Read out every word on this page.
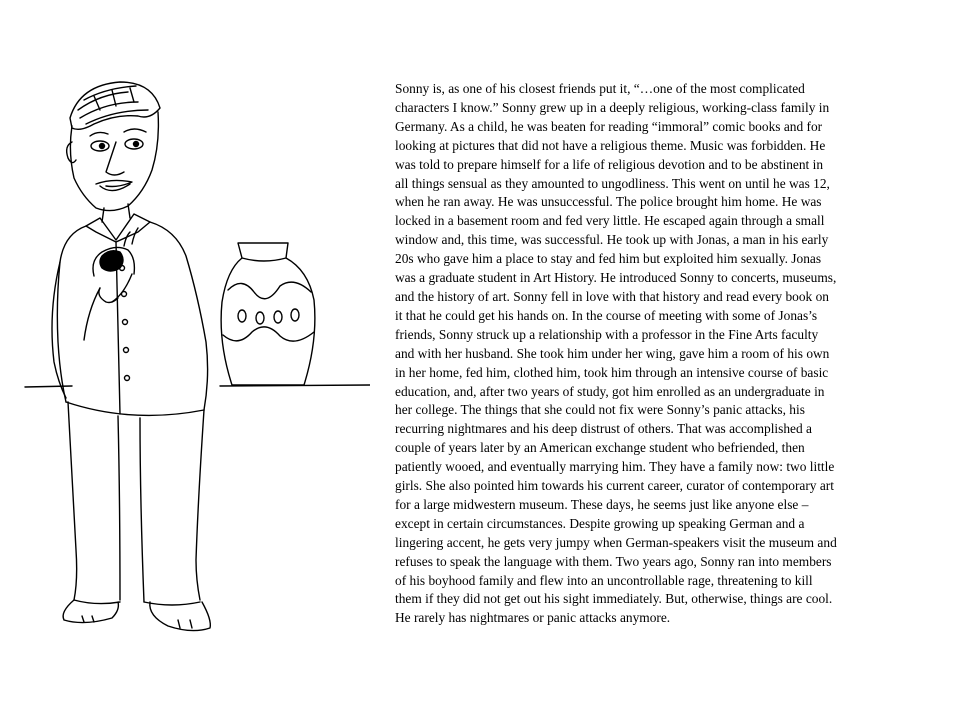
Sonny is, as one of his closest friends put it, “…one of the most complicated
characters I know.” Sonny grew up in a deeply religious, working-class family in
Germany. As a child, he was beaten for reading “immoral” comic books and for
looking at pictures that did not have a religious theme. Music was forbidden. He
was told to prepare himself for a life of religious devotion and to be abstinent in
all things sensual as they amounted to ungodliness. This went on until he was 12,
when he ran away. He was unsuccessful. The police brought him home. He was
locked in a basement room and fed very little. He escaped again through a small
window and, this time, was successful. He took up with Jonas, a man in his early
20s who gave him a place to stay and fed him but exploited him sexually. Jonas
was a graduate student in Art History. He introduced Sonny to concerts, museums,
and the history of art. Sonny fell in love with that history and read every book on
it that he could get his hands on. In the course of meeting with some of Jonas’s
friends, Sonny struck up a relationship with a professor in the Fine Arts faculty
and with her husband. She took him under her wing, gave him a room of his own
in her home, fed him, clothed him, took him through an intensive course of basic
education, and, after two years of study, got him enrolled as an undergraduate in
her college. The things that she could not fix were Sonny’s panic attacks, his
recurring nightmares and his deep distrust of others. That was accomplished a
couple of years later by an American exchange student who befriended, then
patiently wooed, and eventually marrying him. They have a family now: two little
girls. She also pointed him towards his current career, curator of contemporary art
for a large midwestern museum. These days, he seems just like anyone else –
except in certain circumstances. Despite growing up speaking German and a
lingering accent, he gets very jumpy when German-speakers visit the museum and
refuses to speak the language with them. Two years ago, Sonny ran into members
of his boyhood family and flew into an uncontrollable rage, threatening to kill
them if they did not get out his sight immediately. But, otherwise, things are cool.
He rarely has nightmares or panic attacks anymore.
